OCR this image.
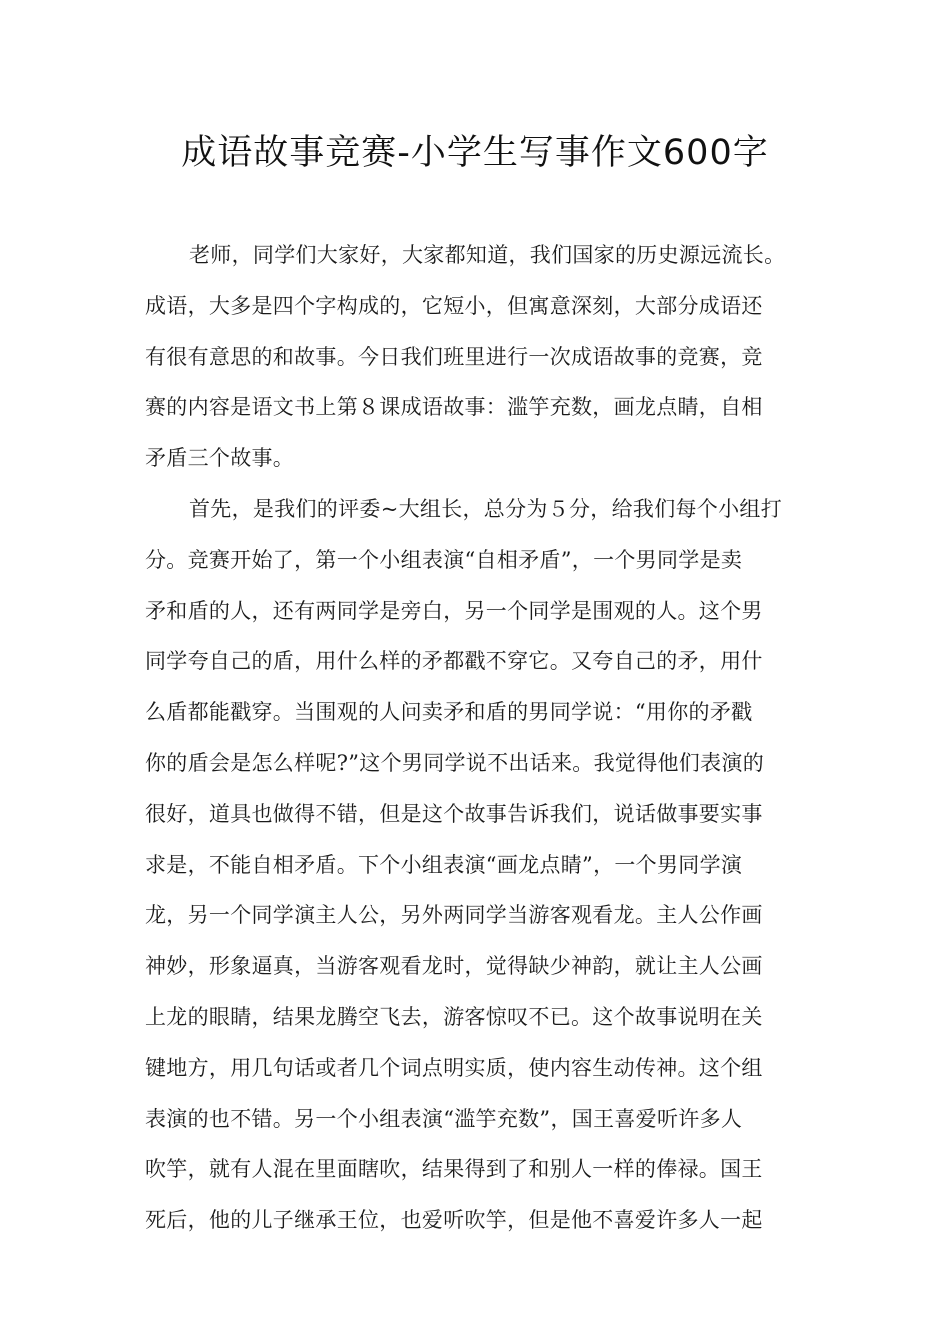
成语故事竞赛-小学生写事作文600字
老师，同学们大家好，大家都知道，我们国家的历史源远流长。
成语，大多是四个字构成的，它短小，但寓意深刻，大部分成语还
有很有意思的和故事。今日我们班里进行一次成语故事的竞赛，竞
赛的内容是语文书上第８课成语故事：滥竽充数，画龙点睛，自相
矛盾三个故事。
首先，是我们的评委~大组长，总分为５分，给我们每个小组打
分。竞赛开始了，第一个小组表演“自相矛盾”，一个男同学是卖
矛和盾的人，还有两同学是旁白，另一个同学是围观的人。这个男
同学夸自己的盾，用什么样的矛都戳不穿它。又夸自己的矛，用什
么盾都能戳穿。当围观的人问卖矛和盾的男同学说：“用你的矛戳
你的盾会是怎么样呢?”这个男同学说不出话来。我觉得他们表演的
很好，道具也做得不错，但是这个故事告诉我们，说话做事要实事
求是，不能自相矛盾。下个小组表演“画龙点睛”，一个男同学演
龙，另一个同学演主人公，另外两同学当游客观看龙。主人公作画
神妙，形象逼真，当游客观看龙时，觉得缺少神韵，就让主人公画
上龙的眼睛，结果龙腾空飞去，游客惊叹不已。这个故事说明在关
键地方，用几句话或者几个词点明实质，使内容生动传神。这个组
表演的也不错。另一个小组表演“滥竽充数”，国王喜爱听许多人
吹竽，就有人混在里面瞎吹，结果得到了和别人一样的俸禄。国王
死后，他的儿子继承王位，也爱听吹竽，但是他不喜爱许多人一起
